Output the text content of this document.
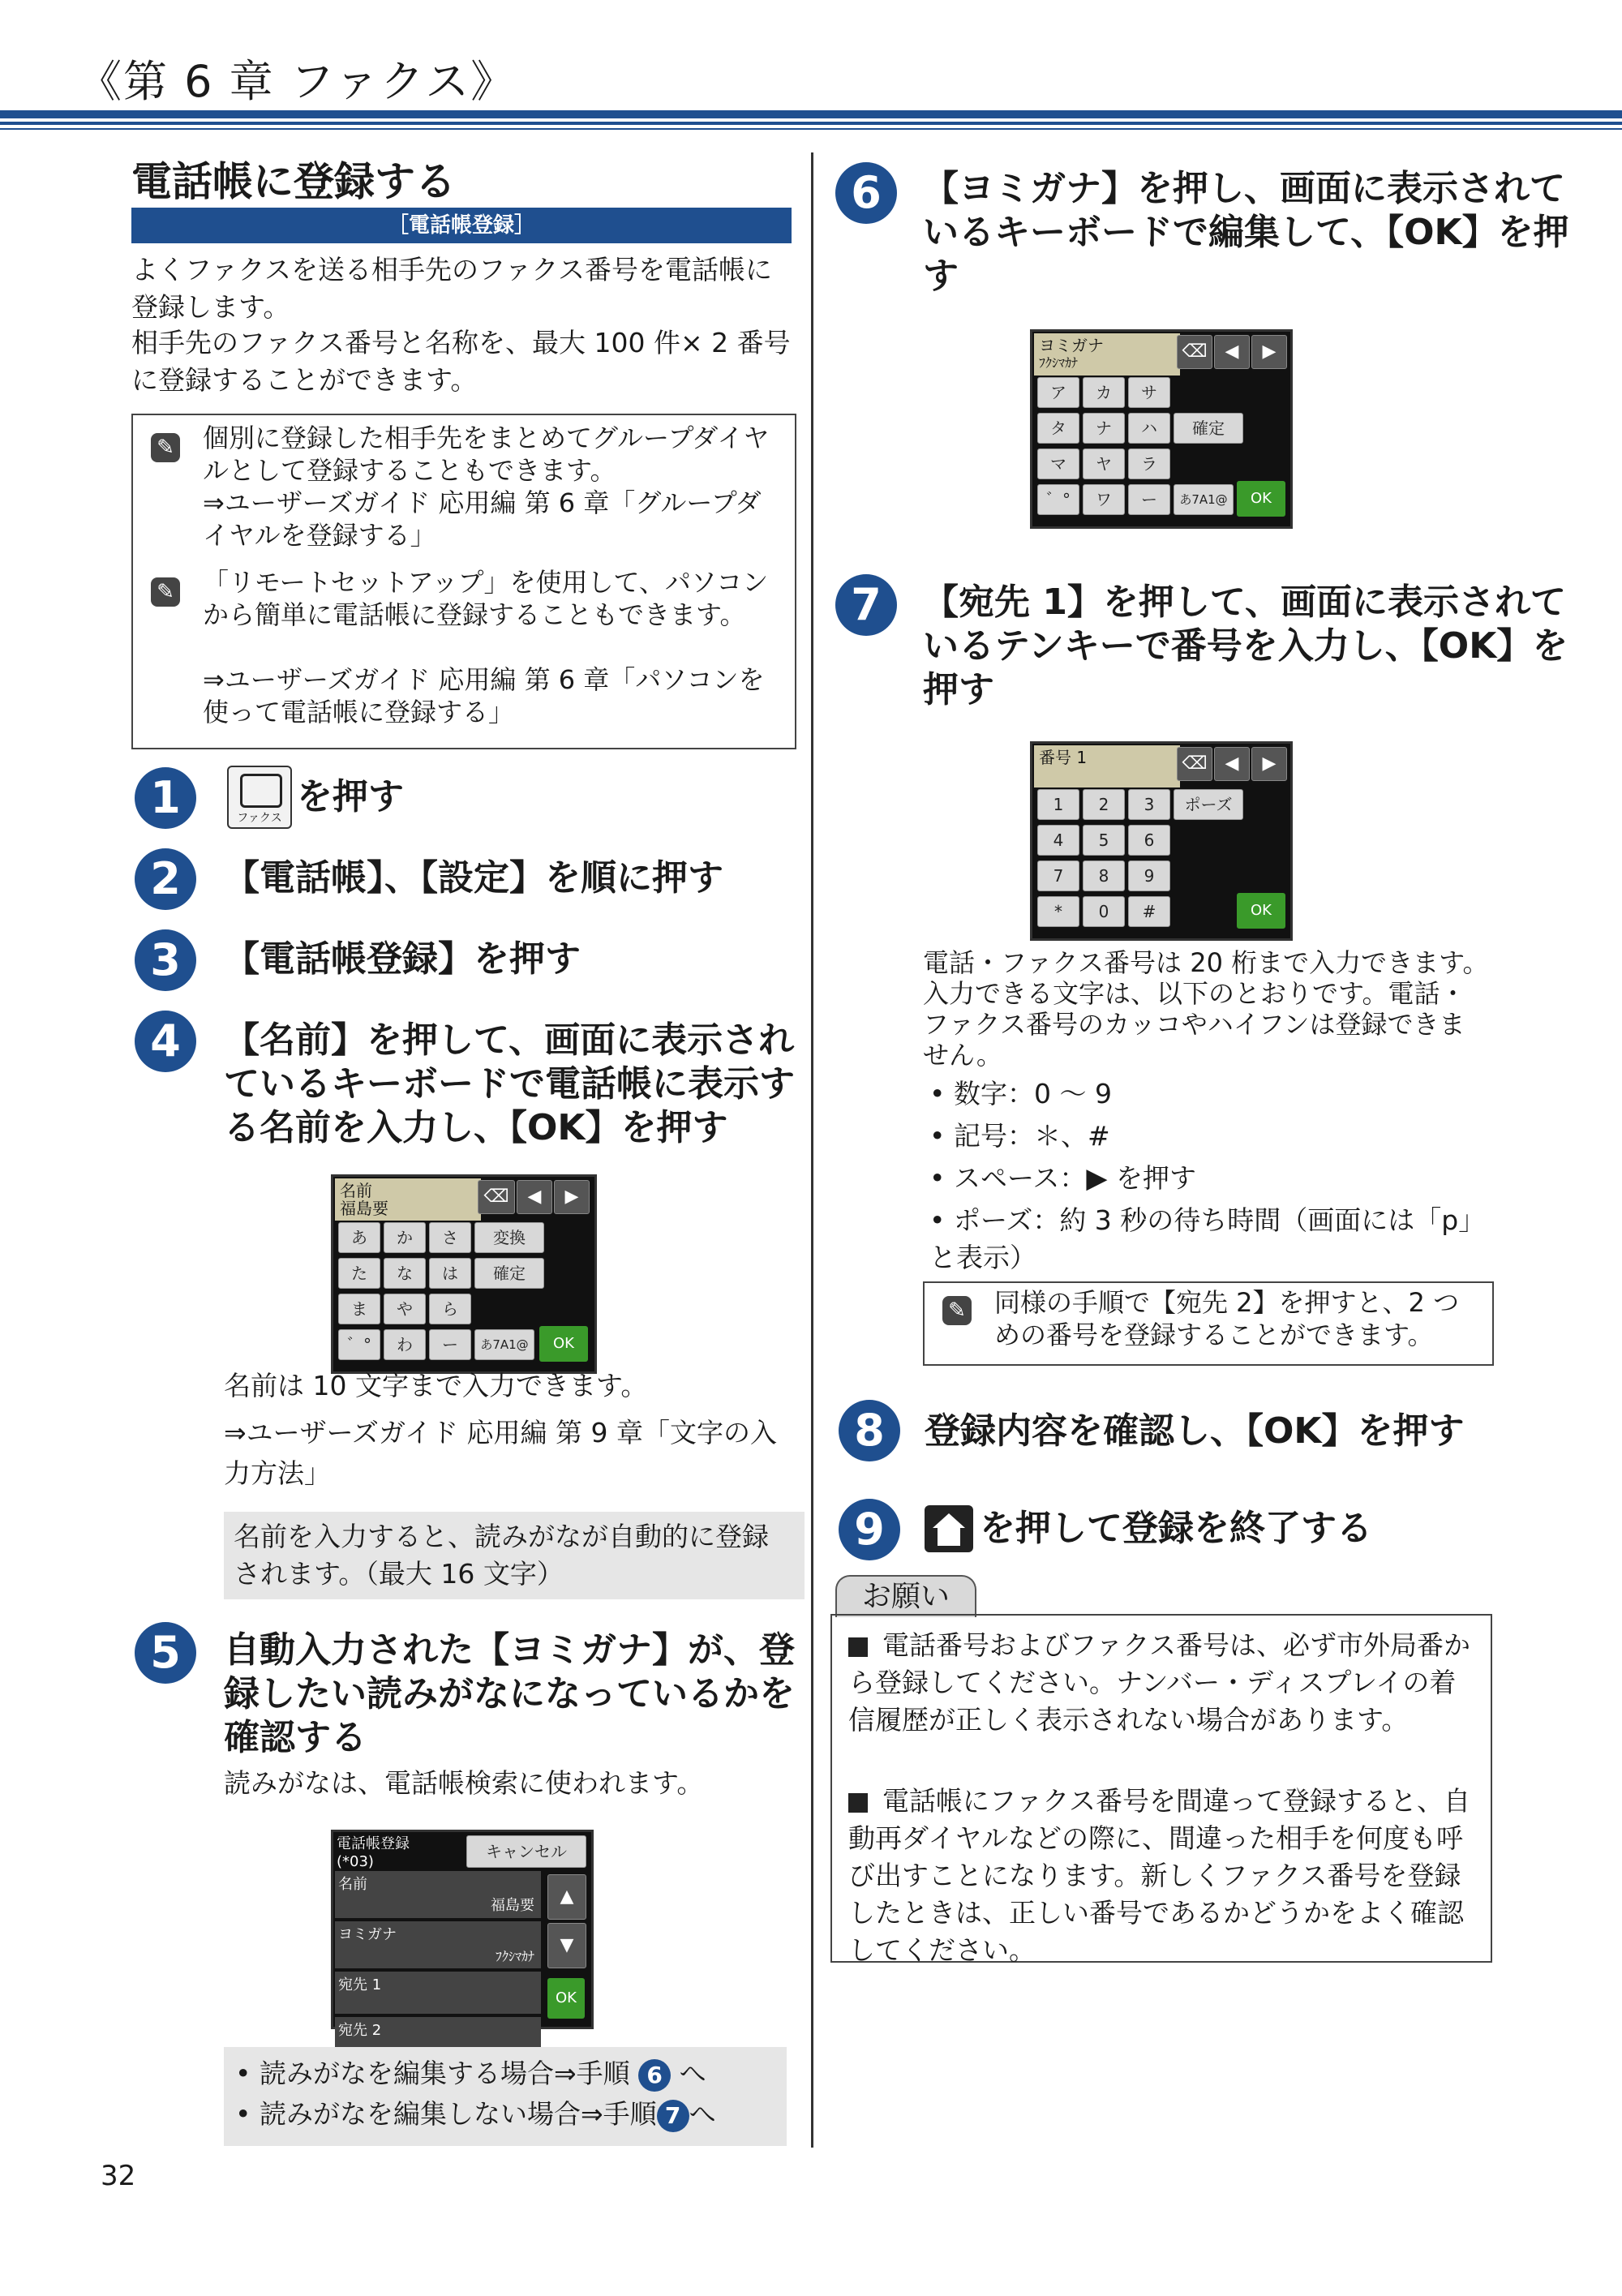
《第 6 章 ファクス》
電話帳に登録する
［電話帳登録］
よくファクスを送る相手先のファクス番号を電話帳に登録します。
相手先のファクス番号と名称を、最大 100 件× 2 番号に登録することができます。
✎ 個別に登録した相手先をまとめてグループダイヤルとして登録することもできます。
⇒ユーザーズガイド 応用編 第 6 章「グループダイヤルを登録する」
✎ 「リモートセットアップ」を使用して、パソコンから簡単に電話帳に登録することもできます。
⇒ユーザーズガイド 応用編 第 6 章「パソコンを使って電話帳に登録する」
1	ファクス
を押す
2	【電話帳】、【設定】を順に押す
3	【電話帳登録】を押す
4	【名前】を押して、画面に表示されているキーボードで電話帳に表示する名前を入力し、【OK】を押す
名前
福島要
⌫	◀	▶
あ	か	さ	変換
た	な	は	確定
ま	や	ら
゛°	わ	ー	あ7A1@	OK
名前は 10 文字まで入力できます。
⇒ユーザーズガイド 応用編 第 9 章「文字の入力方法」
名前を入力すると、読みがなが自動的に登録されます。（最大 16 文字）
5	自動入力された【ヨミガナ】が、登録したい読みがなになっているかを確認する
読みがなは、電話帳検索に使われます。
電話帳登録
(*03)
キャンセル
名前
福島要
ヨミガナ
ﾌｸｼﾏｶﾅ
宛先 1
宛先 2
▲
▼
OK
• 読みがなを編集する場合⇒手順 6 へ
• 読みがなを編集しない場合⇒手順 7 へ
32
6	【ヨミガナ】を押し、画面に表示されているキーボードで編集して、【OK】を押す
ヨミガナ
ﾌｸｼﾏｶﾅ
⌫ ◀	▶
ア	カ	サ
タ	ナ	ハ	確定
マ	ヤ	ラ
゛°	ワ	ー	あ7A1@	OK
7	【宛先 1】を押して、画面に表示されているテンキーで番号を入力し、【OK】を押す
番号 1	⌫ ◀	▶
1	2	3	ポーズ
4	5	6
7	8	9
*	0	#	OK
電話・ファクス番号は 20 桁まで入力できます。入力できる文字は、以下のとおりです。電話・ファクス番号のカッコやハイフンは登録できません。
• 数字：0 〜 9
• 記号：＊、#
• スペース：▶ を押す
• ポーズ：約 3 秒の待ち時間（画面には「p」と表示）
✎ 同様の手順で【宛先 2】を押すと、2 つめの番号を登録することができます。
8	登録内容を確認し、【OK】を押す
9	を押して登録を終了する
お願い
電話番号およびファクス番号は、必ず市外局番から登録してください。ナンバー・ディスプレイの着信履歴が正しく表示されない場合があります。
電話帳にファクス番号を間違って登録すると、自動再ダイヤルなどの際に、間違った相手を何度も呼び出すことになります。新しくファクス番号を登録したときは、正しい番号であるかどうかをよく確認してください。
